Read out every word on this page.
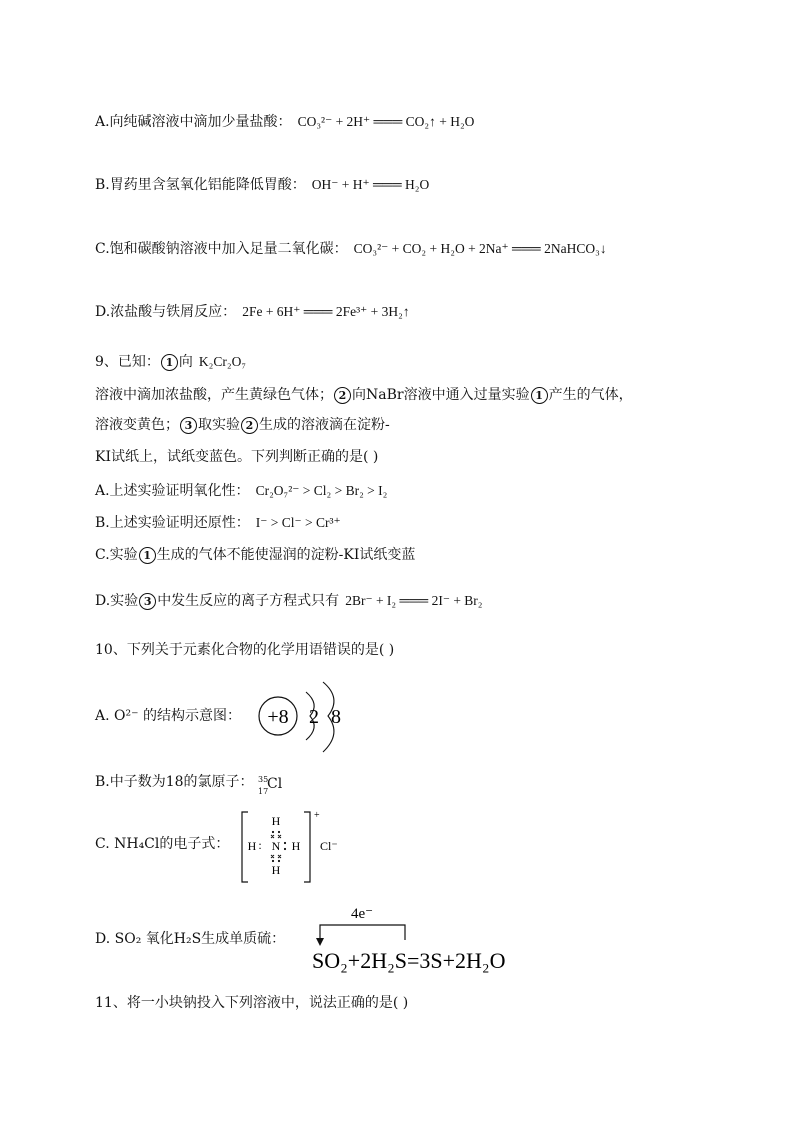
A.向纯碱溶液中滴加少量盐酸： CO₃²⁻ + 2H⁺ ═══ CO₂↑ + H₂O
B.胃药里含氢氧化铝能降低胃酸： OH⁻ + H⁺ ═══ H₂O
C.饱和碳酸钠溶液中加入足量二氧化碳： CO₃²⁻ + CO₂ + H₂O + 2Na⁺ ═══ 2NaHCO₃↓
D.浓盐酸与铁屑反应： 2Fe + 6H⁺ ═══ 2Fe³⁺ + 3H₂↑
9、已知： 1 向 K₂Cr₂O₇
溶液中滴加浓盐酸，产生黄绿色气体； 2 向NaBr溶液中通入过量实验 1 产生的气体，
溶液变黄色； 3 取实验 2 生成的溶液滴在淀粉-
KI试纸上，试纸变蓝色。下列判断正确的是( )
A.上述实验证明氧化性： Cr₂O₇²⁻ > Cl₂ > Br₂ > I₂
B.上述实验证明还原性： I⁻ > Cl⁻ > Cr³⁺
C.实验 1 生成的气体不能使湿润的淀粉-KI试纸变蓝
D.实验 3 中发生反应的离子方程式只有 2Br⁻ + I₂ ═══ 2I⁻ + Br₂
10、下列关于元素化合物的化学用语错误的是( )
A. O²⁻ 的结构示意图： +8 2 8
B.中子数为18的氯原子： 35
17
Cl
C. NH₄Cl的电子式：
H
H : N H
H
+
Cl⁻
D. SO₂ 氧化H₂S生成单质硫：
4e⁻
SO₂+2H₂S=3S+2H₂O
11、将一小块钠投入下列溶液中，说法正确的是( )
